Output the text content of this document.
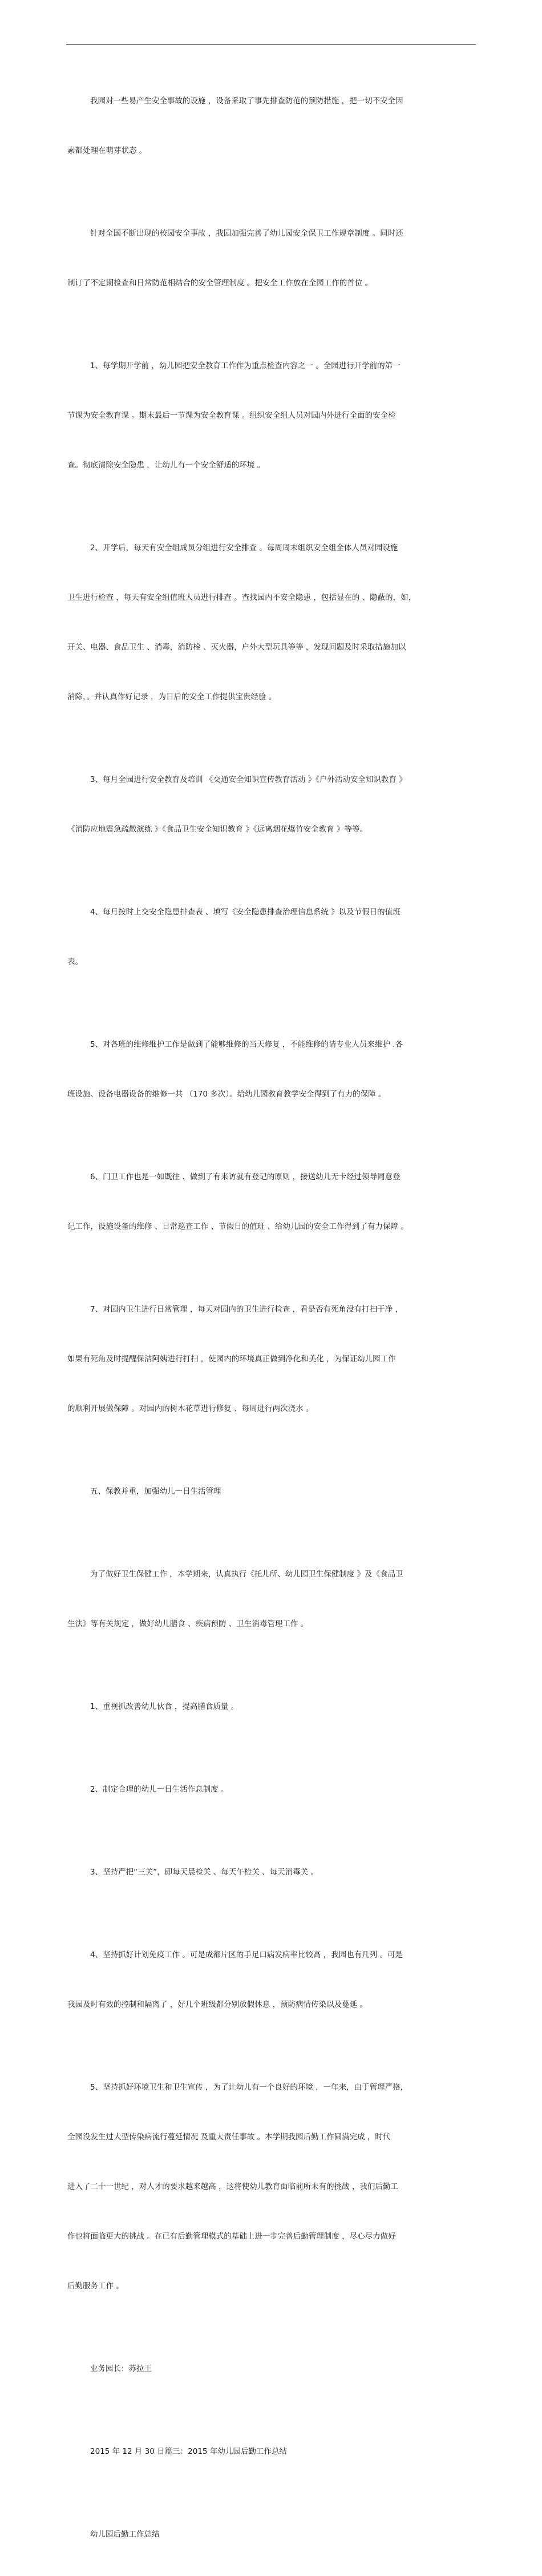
我园对一些易产生安全事故的设施 ，设备采取了事先排查防范的预防措施 ，把一切不安全因

素都处理在萌芽状态 。

针对全国不断出现的校园安全事故 ，我园加强完善了幼儿园安全保卫工作规章制度 。同时还

制订了不定期检查和日常防范相结合的安全管理制度 。把安全工作放在全园工作的首位 。

1、每学期开学前 ，幼儿园把安全教育工作作为重点检查内容之一 。全园进行开学前的第一

节课为安全教育课 。期末最后一节课为安全教育课 。组织安全组人员对园内外进行全面的安全检

查。彻底清除安全隐患 ，让幼儿有一个安全舒适的环境 。

2、开学后，每天有安全组成员分组进行安全排查 。每周周末组织安全组全体人员对园设施

卫生进行检查 ，每天有安全组值班人员进行排查 。查找园内不安全隐患 ，包括显在的 、隐蔽的，如，

开关、电器、食品卫生 、消毒，消防栓 、灭火器，户外大型玩具等等 ，发现问题及时采取措施加以

消除，。并认真作好记录 ，为日后的安全工作提供宝贵经验 。

3、每月全园进行安全教育及培训 《交通安全知识宣传教育活动 》《户外活动安全知识教育 》

《消防应地震急疏散演练 》《食品卫生安全知识教育 》《远离烟花爆竹安全教育 》等等。

4、每月按时上交安全隐患排查表 、填写《安全隐患排查治理信息系统 》以及节假日的值班

表。

5、对各班的维修维护工作是做到了能够维修的当天修复 ，不能维修的请专业人员来维护 .各

班设施、设备电器设备的维修一共 （170 多次）。给幼儿园教育教学安全得到了有力的保障 。

6、门卫工作也是一如既往 、做到了有来访就有登记的原则 ，接送幼儿无卡经过领导同意登

记工作，设施设备的维修 、日常巡查工作 、节假日的值班 、给幼儿园的安全工作得到了有力保障 。

7、对园内卫生进行日常管理 ，每天对园内的卫生进行检查 ，看是否有死角没有打扫干净 ，

如果有死角及时提醒保洁阿姨进行打扫 ，使园内的环境真正做到净化和美化 ，为保证幼儿园工作

的顺利开展做保障 。对园内的树木花草进行修复 、每周进行两次浇水 。

五、保教并重，加强幼儿一日生活管理

为了做好卫生保健工作 ，本学期来，认真执行《托儿所、幼儿园卫生保健制度 》及《食品卫

生法》等有关规定 ，做好幼儿膳食 、疾病预防 、卫生消毒管理工作 。

1、重视抓改善幼儿伙食 ，提高膳食质量 。

2、制定合理的幼儿一日生活作息制度 。

3、坚持严把“三关”，即每天晨检关 、每天午检关 、每天消毒关 。

4、坚持抓好计划免疫工作 。可是成都片区的手足口病发病率比较高 ，我园也有几列 。可是

我园及时有效的控制和隔离了 ，好几个班级都分别放假休息 ，预防病情传染以及蔓延 。

5、坚持抓好环境卫生和卫生宣传 ，为了让幼儿有一个良好的环境 ，一年来，由于管理严格，

全园没发生过大型传染病流行蔓延情况 及重大责任事故 。本学期我园后勤工作圆满完成 ，时代

进入了二十一世纪 ，对人才的要求越来越高 ，这将使幼儿教育面临前所未有的挑战 ，我们后勤工

作也将面临更大的挑战 。在已有后勤管理模式的基础上进一步完善后勤管理制度 ，尽心尽力做好

后勤服务工作 。

业务园长：苏拉王

2015 年 12 月 30 日篇三：2015 年幼儿园后勤工作总结

幼儿园后勤工作总结
